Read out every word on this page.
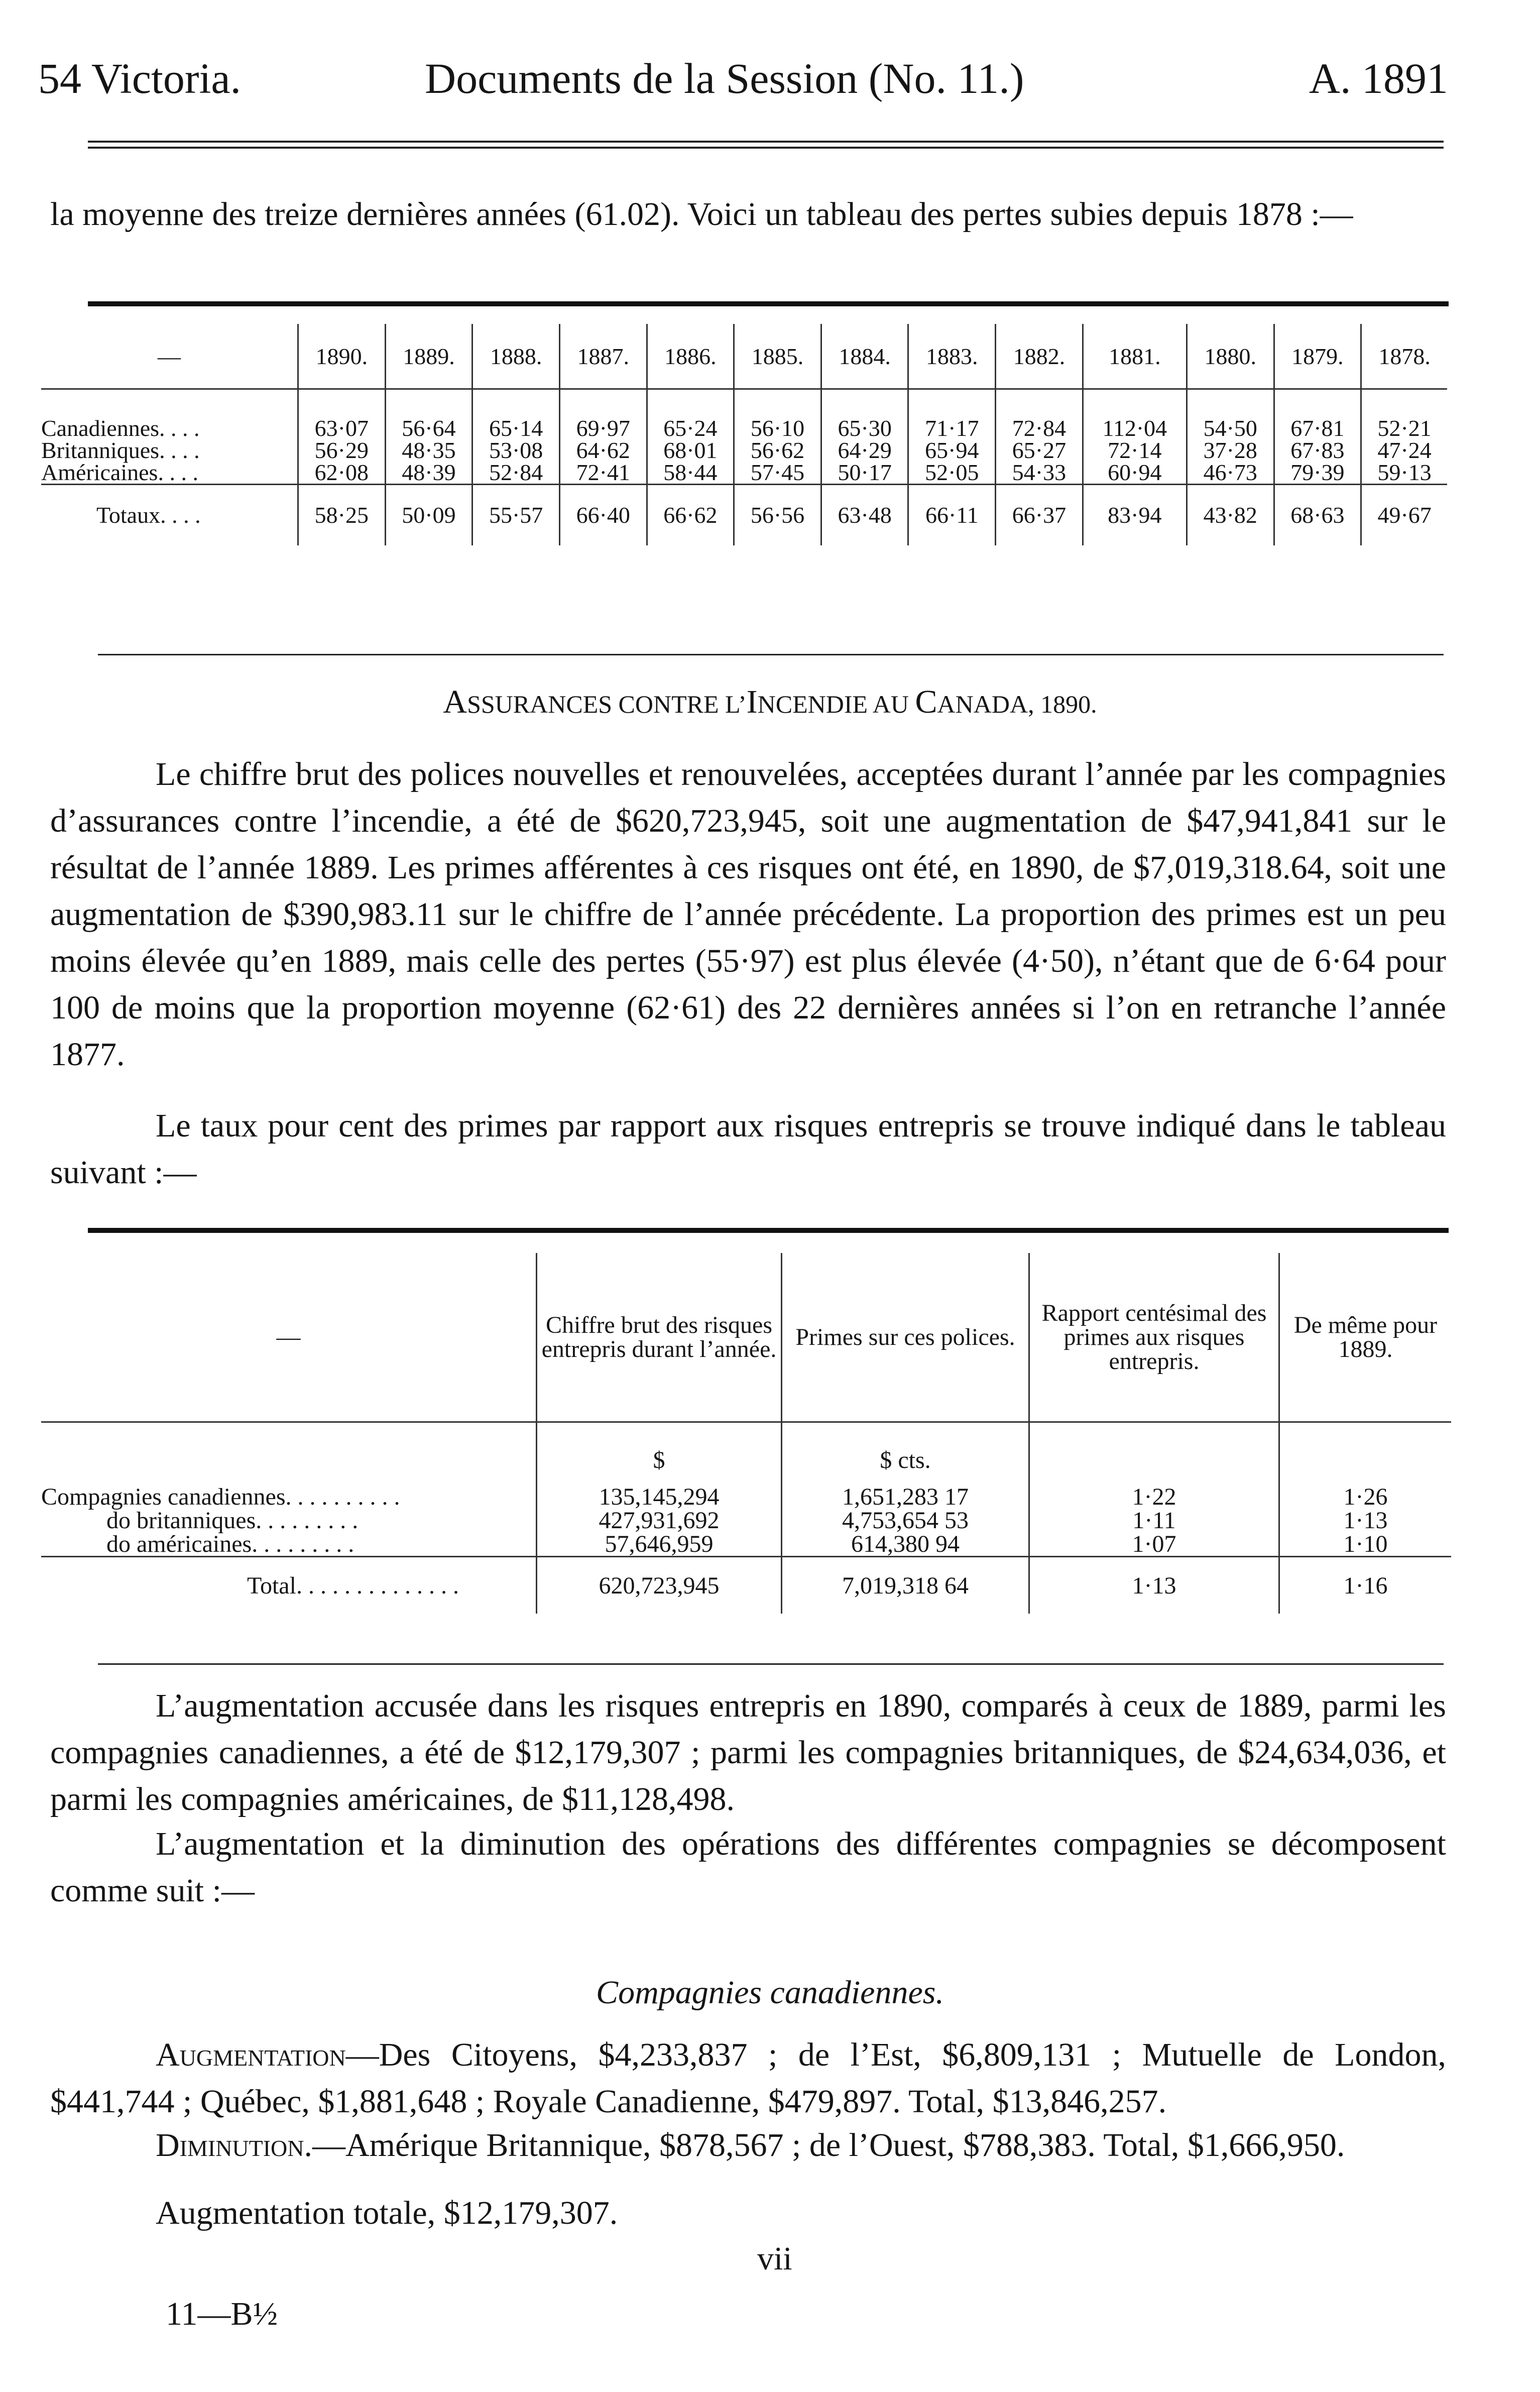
54 Victoria.	Documents de la Session (No. 11.)	A. 1891
la moyenne des treize dernières années (61.02). Voici un tableau des pertes subies depuis 1878 :—
—	1890.	1889.	1888.	1887.	1886.	1885.	1884.	1883.	1882.	1881.	1880.	1879.	1878.

Canadiennes. . . .	63·07	56·64	65·14	69·97	65·24	56·10	65·30	71·17	72·84	112·04	54·50	67·81	52·21
Britanniques. . . .	56·29	48·35	53·08	64·62	68·01	56·62	64·29	65·94	65·27	72·14	37·28	67·83	47·24
Américaines. . . .	62·08	48·39	52·84	72·41	58·44	57·45	50·17	52·05	54·33	60·94	46·73	79·39	59·13
Totaux. . . .	58·25	50·09	55·57	66·40	66·62	56·56	63·48	66·11	66·37	83·94	43·82	68·63	49·67
ASSURANCES CONTRE L’INCENDIE AU CANADA, 1890.
Le chiffre brut des polices nouvelles et renouvelées, acceptées durant l’année par les compagnies d’assurances contre l’incendie, a été de $620,723,945, soit une augmentation de $47,941,841 sur le résultat de l’année 1889. Les primes afférentes à ces risques ont été, en 1890, de $7,019,318.64, soit une augmentation de $390,983.11 sur le chiffre de l’année précédente. La proportion des primes est un peu moins élevée qu’en 1889, mais celle des pertes (55·97) est plus élevée (4·50), n’étant que de 6·64 pour 100 de moins que la proportion moyenne (62·61) des 22 dernières années si l’on en retranche l’année 1877.
Le taux pour cent des primes par rapport aux risques entrepris se trouve indiqué dans le tableau suivant :—
—	Chiffre brut des risques entrepris durant l’année.	Primes sur ces polices.	Rapport centésimal des primes aux risques entrepris.	De même pour 1889.
	$	$ cts.		
Compagnies canadiennes. . . . . . . . . .	135,145,294	1,651,283 17	1·22	1·26
do britanniques. . . . . . . . .	427,931,692	4,753,654 53	1·11	1·13
do américaines. . . . . . . . .	57,646,959	614,380 94	1·07	1·10
Total. . . . . . . . . . . . . .	620,723,945	7,019,318 64	1·13	1·16
L’augmentation accusée dans les risques entrepris en 1890, comparés à ceux de 1889, parmi les compagnies canadiennes, a été de $12,179,307 ; parmi les compagnies britanniques, de $24,634,036, et parmi les compagnies américaines, de $11,128,498.
L’augmentation et la diminution des opérations des différentes compagnies se décomposent comme suit :—
Compagnies canadiennes.
Augmentation—Des Citoyens, $4,233,837 ; de l’Est, $6,809,131 ; Mutuelle de London, $441,744 ; Québec, $1,881,648 ; Royale Canadienne, $479,897. Total, $13,846,257.
Diminution.—Amérique Britannique, $878,567 ; de l’Ouest, $788,383. Total, $1,666,950.
Augmentation totale, $12,179,307.
vii
11—B½
